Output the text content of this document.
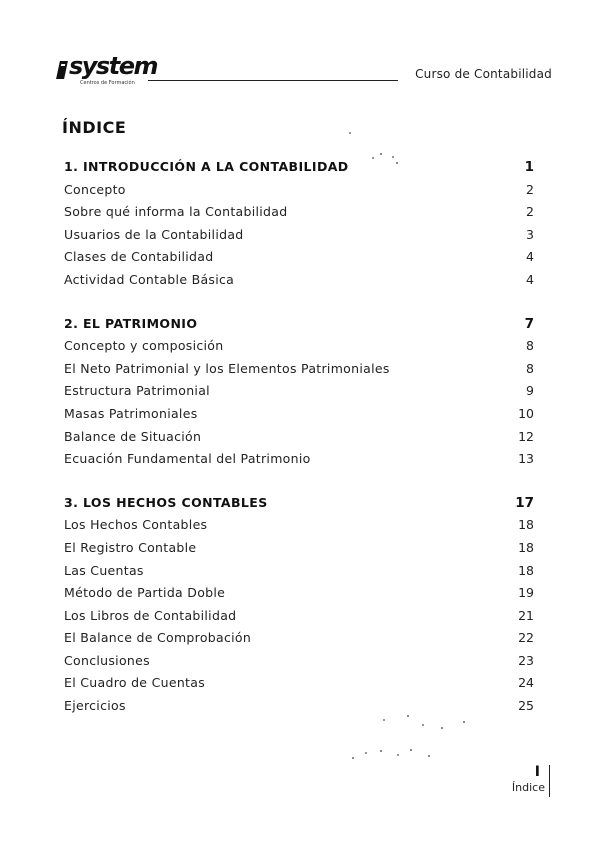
system
Centros de Formación
Curso de Contabilidad
ÍNDICE
1. INTRODUCCIÓN A LA CONTABILIDAD	1
Concepto	2
Sobre qué informa la Contabilidad	2
Usuarios de la Contabilidad	3
Clases de Contabilidad	4
Actividad Contable Básica	4
2. EL PATRIMONIO	7
Concepto y composición	8
El Neto Patrimonial y los Elementos Patrimoniales	8
Estructura Patrimonial	9
Masas Patrimoniales	10
Balance de Situación	12
Ecuación Fundamental del Patrimonio	13
3. LOS HECHOS CONTABLES	17
Los Hechos Contables	18
El Registro Contable	18
Las Cuentas	18
Método de Partida Doble	19
Los Libros de Contabilidad	21
El Balance de Comprobación	22
Conclusiones	23
El Cuadro de Cuentas	24
Ejercicios	25
I
Índice
